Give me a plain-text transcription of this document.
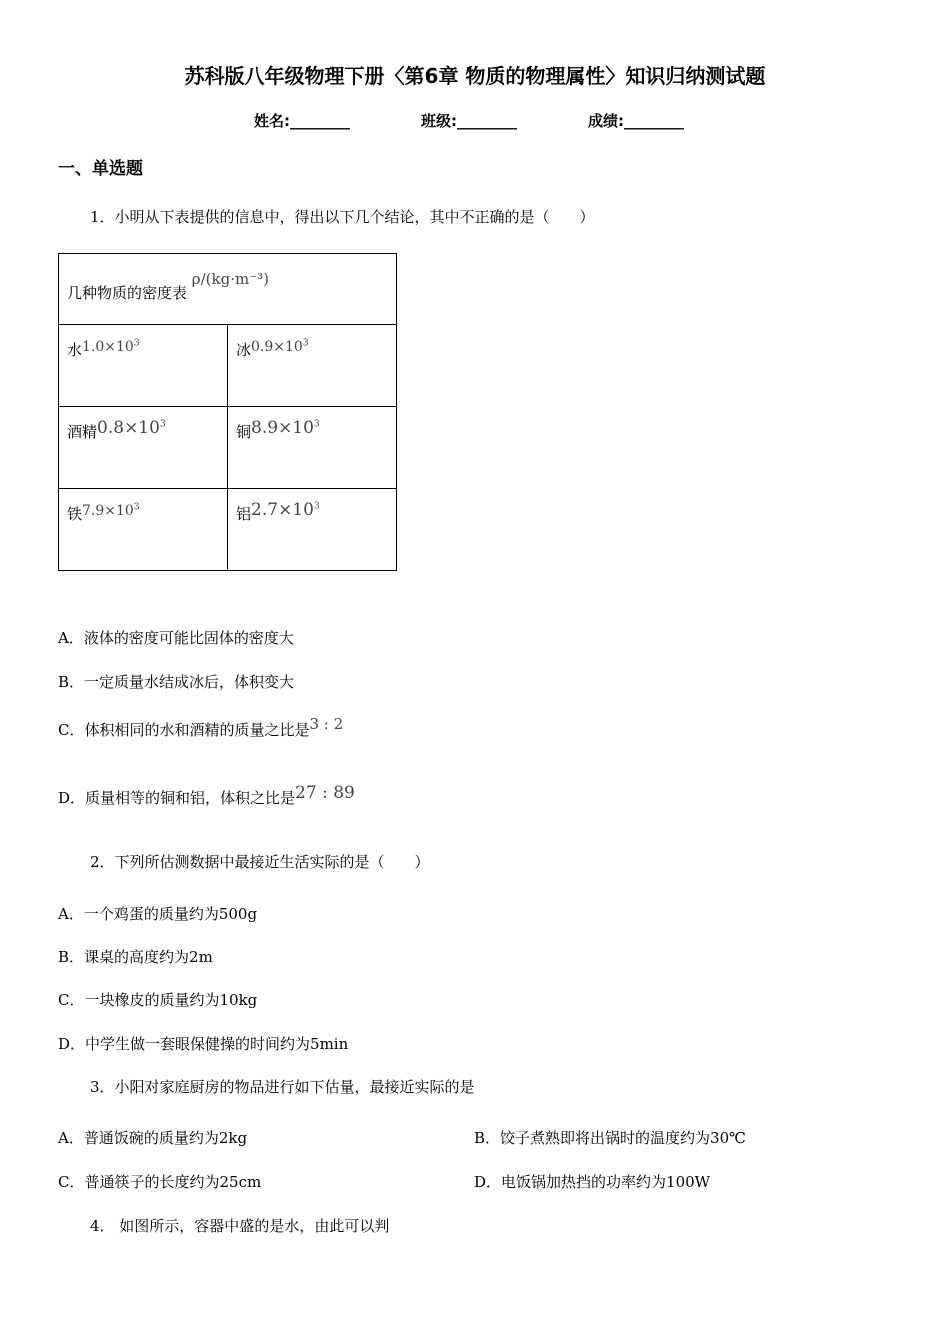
苏科版八年级物理下册〈第6章 物质的物理属性〉知识归纳测试题
姓名:________	班级:________	成绩:________
一、单选题
1．小明从下表提供的信息中，得出以下几个结论，其中不正确的是（　　）
几种物质的密度表 ρ/(kg·m⁻³)	
水$1.0\times 10^3$	冰$0.9\times 10^3$
酒精$0.8\times 10^3$	铜$8.9\times 10^3$
铁$7.9\times 10^3$	铝$2.7\times 10^3$
A．液体的密度可能比固体的密度大
B．一定质量水结成冰后，体积变大
C．体积相同的水和酒精的质量之比是3 : 2
D．质量相等的铜和铝，体积之比是27 : 89
2．下列所估测数据中最接近生活实际的是（　　）
A．一个鸡蛋的质量约为500g
B．课桌的高度约为2m
C．一块橡皮的质量约为10kg
D．中学生做一套眼保健操的时间约为5min
3．小阳对家庭厨房的物品进行如下估量，最接近实际的是
A．普通饭碗的质量约为2kg	B．饺子煮熟即将出锅时的温度约为30℃
C．普通筷子的长度约为25cm	D．电饭锅加热挡的功率约为100W
4． 如图所示，容器中盛的是水，由此可以判
